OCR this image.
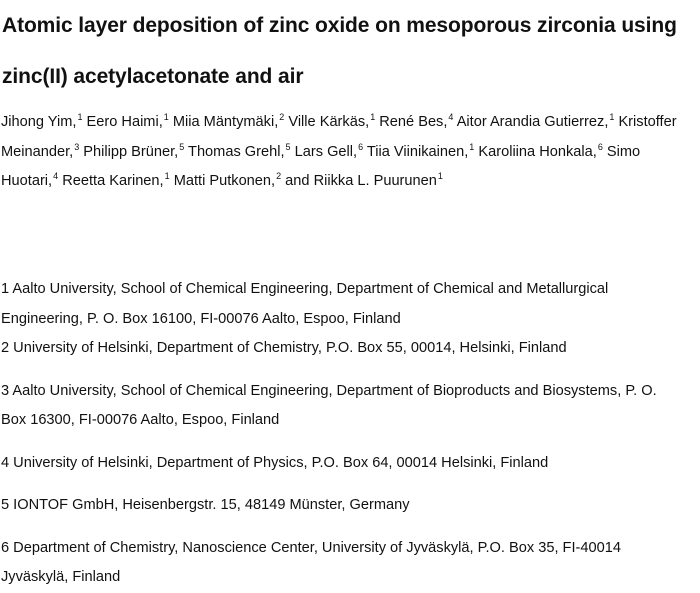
Atomic layer deposition of zinc oxide on mesoporous zirconia using
zinc(II) acetylacetonate and air

Jihong Yim,$^1$ Eero Haimi,$^1$ Miia Mäntymäki,$^2$ Ville Kärkäs,$^1$ René Bes,$^4$ Aitor Arandia Gutierrez,$^1$ Kristoffer
Meinander,$^3$ Philipp Brüner,$^5$ Thomas Grehl,$^5$ Lars Gell,$^6$ Tiia Viinikainen,$^1$ Karoliina Honkala,$^6$ Simo
Huotari,$^4$ Reetta Karinen,$^1$ Matti Putkonen,$^2$ and Riikka L. Puurunen$^1$

1 Aalto University, School of Chemical Engineering, Department of Chemical and Metallurgical
Engineering, P. O. Box 16100, FI-00076 Aalto, Espoo, Finland

2 University of Helsinki, Department of Chemistry, P.O. Box 55, 00014, Helsinki, Finland

3 Aalto University, School of Chemical Engineering, Department of Bioproducts and Biosystems, P. O.
Box 16300, FI-00076 Aalto, Espoo, Finland

4 University of Helsinki, Department of Physics, P.O. Box 64, 00014 Helsinki, Finland

5 IONTOF GmbH, Heisenbergstr. 15, 48149 Münster, Germany

6 Department of Chemistry, Nanoscience Center, University of Jyväskylä, P.O. Box 35, FI-40014
Jyväskylä, Finland
